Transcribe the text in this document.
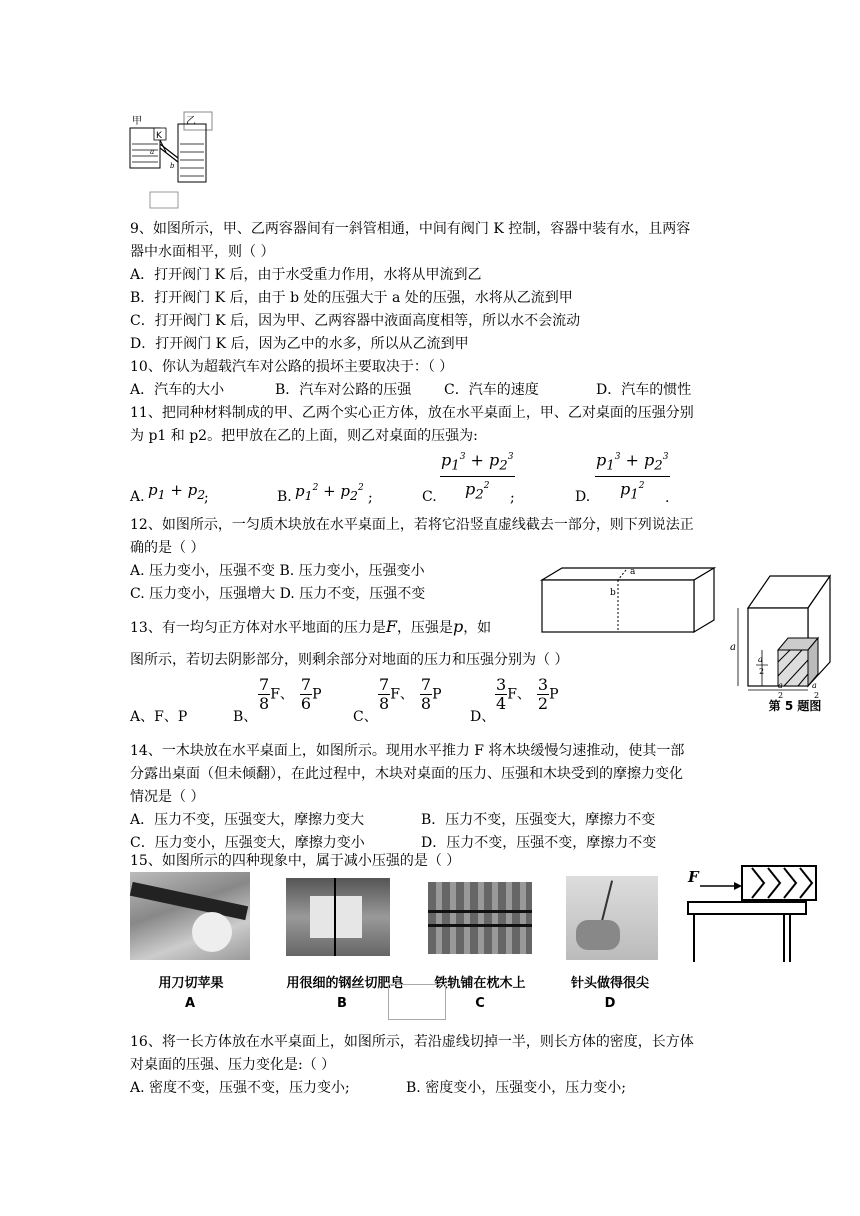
甲	乙
K
a
b
9、如图所示，甲、乙两容器间有一斜管相通，中间有阀门 K 控制，容器中装有水，且两容
器中水面相平，则（ ）
A．打开阀门 K 后，由于水受重力作用，水将从甲流到乙
B．打开阀门 K 后，由于 b 处的压强大于 a 处的压强，水将从乙流到甲
C．打开阀门 K 后，因为甲、乙两容器中液面高度相等，所以水不会流动
D．打开阀门 K 后，因为乙中的水多，所以从乙流到甲
10、你认为超载汽车对公路的损坏主要取决于：（ ）
A．汽车的大小	B．汽车对公路的压强 C．汽车的速度	D．汽车的惯性
11、把同种材料制成的甲、乙两个实心正方体，放在水平桌面上，甲、乙对桌面的压强分别
为 p1 和 p2。把甲放在乙的上面，则乙对桌面的压强为:
A. $p_1 + p_2$
;	B. $p_1^2 + p_2^2$
;	C. $\frac{p_1^3 + p_2^3}{p_2^2}$
;	D. $\frac{p_1^3 + p_2^3}{p_1^2}$
.
12、如图所示，一匀质木块放在水平桌面上，若将它沿竖直虚线截去一部分，则下列说法正
确的是（ ）
A. 压力变小，压强不变 B. 压力变小，压强变小
C. 压力变小，压强增大 D. 压力不变，压强不变
a
b
13、有一均匀正方体对水平地面的压力是F，压强是p，如
图所示，若切去阴影部分，则剩余部分对地面的压力和压强分别为（ ）
A、F、P	B、
$\frac{7}{8}$ F、 $\frac{7}{6}$ P
C、
$\frac{7}{8}$ F、 $\frac{7}{8}$ P
D、
$\frac{3}{4}$ F、 $\frac{3}{2}$ P
a
a
2
a
2
a
2
第 5 题图
14、一木块放在水平桌面上，如图所示。现用水平推力 F 将木块缓慢匀速推动，使其一部
分露出桌面（但未倾翻），在此过程中，木块对桌面的压力、压强和木块受到的摩擦力变化
情况是（ ）
A．压力不变，压强变大，摩擦力变大	B．压力不变，压强变大，摩擦力不变
C．压力变小，压强变大，摩擦力变小	D．压力不变，压强不变，摩擦力不变
F
15、如图所示的四种现象中，属于减小压强的是（ ）
用刀切苹果	用很细的钢丝切肥皂	铁轨铺在枕木上	针头做得很尖
A	B	C	D
16、将一长方体放在水平桌面上，如图所示，若沿虚线切掉一半，则长方体的密度，长方体
对桌面的压强、压力变化是:（ ）
A. 密度不变，压强不变，压力变小;	B. 密度变小，压强变小，压力变小;
